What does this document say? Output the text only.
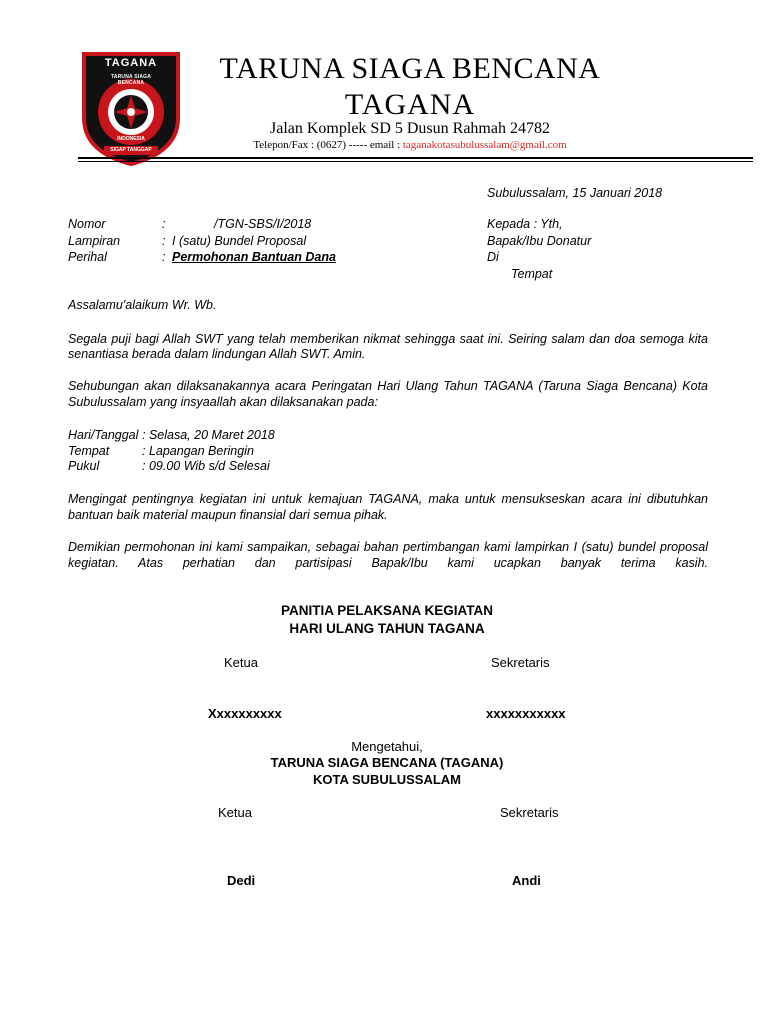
TAGANA
TARUNA SIAGA BENCANA
INDONESIA
SIGAP TANGGAP
TARUNA SIAGA BENCANA
TAGANA
Jalan Komplek SD 5 Dusun Rahmah 24782
Telepon/Fax : (0627) ----- email : taganakotasubulussalam@gmail.com
Subulussalam, 15 Januari 2018
Nomor	:	/TGN-SBS/I/2018
Lampiran	: I (satu) Bundel Proposal
Perihal	: Permohonan Bantuan Dana
Kepada : Yth,
Bapak/Ibu Donatur
Di
Tempat
Assalamu'alaikum Wr. Wb.
Segala puji bagi Allah SWT yang telah memberikan nikmat sehingga saat ini. Seiring salam dan doa semoga kita
senantiasa berada dalam lindungan Allah SWT. Amin.
Sehubungan akan dilaksanakannya acara Peringatan Hari Ulang Tahun TAGANA (Taruna Siaga Bencana) Kota
Subulussalam yang insyaallah akan dilaksanakan pada:
Hari/Tanggal : Selasa, 20 Maret 2018
Tempat	: Lapangan Beringin
Pukul	: 09.00 Wib s/d Selesai
Mengingat pentingnya kegiatan ini untuk kemajuan TAGANA, maka untuk mensukseskan acara ini dibutuhkan
bantuan baik material maupun finansial dari semua pihak.
Demikian permohonan ini kami sampaikan, sebagai bahan pertimbangan kami lampirkan I (satu) bundel proposal
kegiatan. Atas perhatian dan partisipasi Bapak/Ibu kami ucapkan banyak terima kasih.
PANITIA PELAKSANA KEGIATAN
HARI ULANG TAHUN TAGANA
Ketua	Sekretaris
Xxxxxxxxxx	xxxxxxxxxxx
Mengetahui,
TARUNA SIAGA BENCANA (TAGANA)
KOTA SUBULUSSALAM
Ketua	Sekretaris
Dedi	Andi
